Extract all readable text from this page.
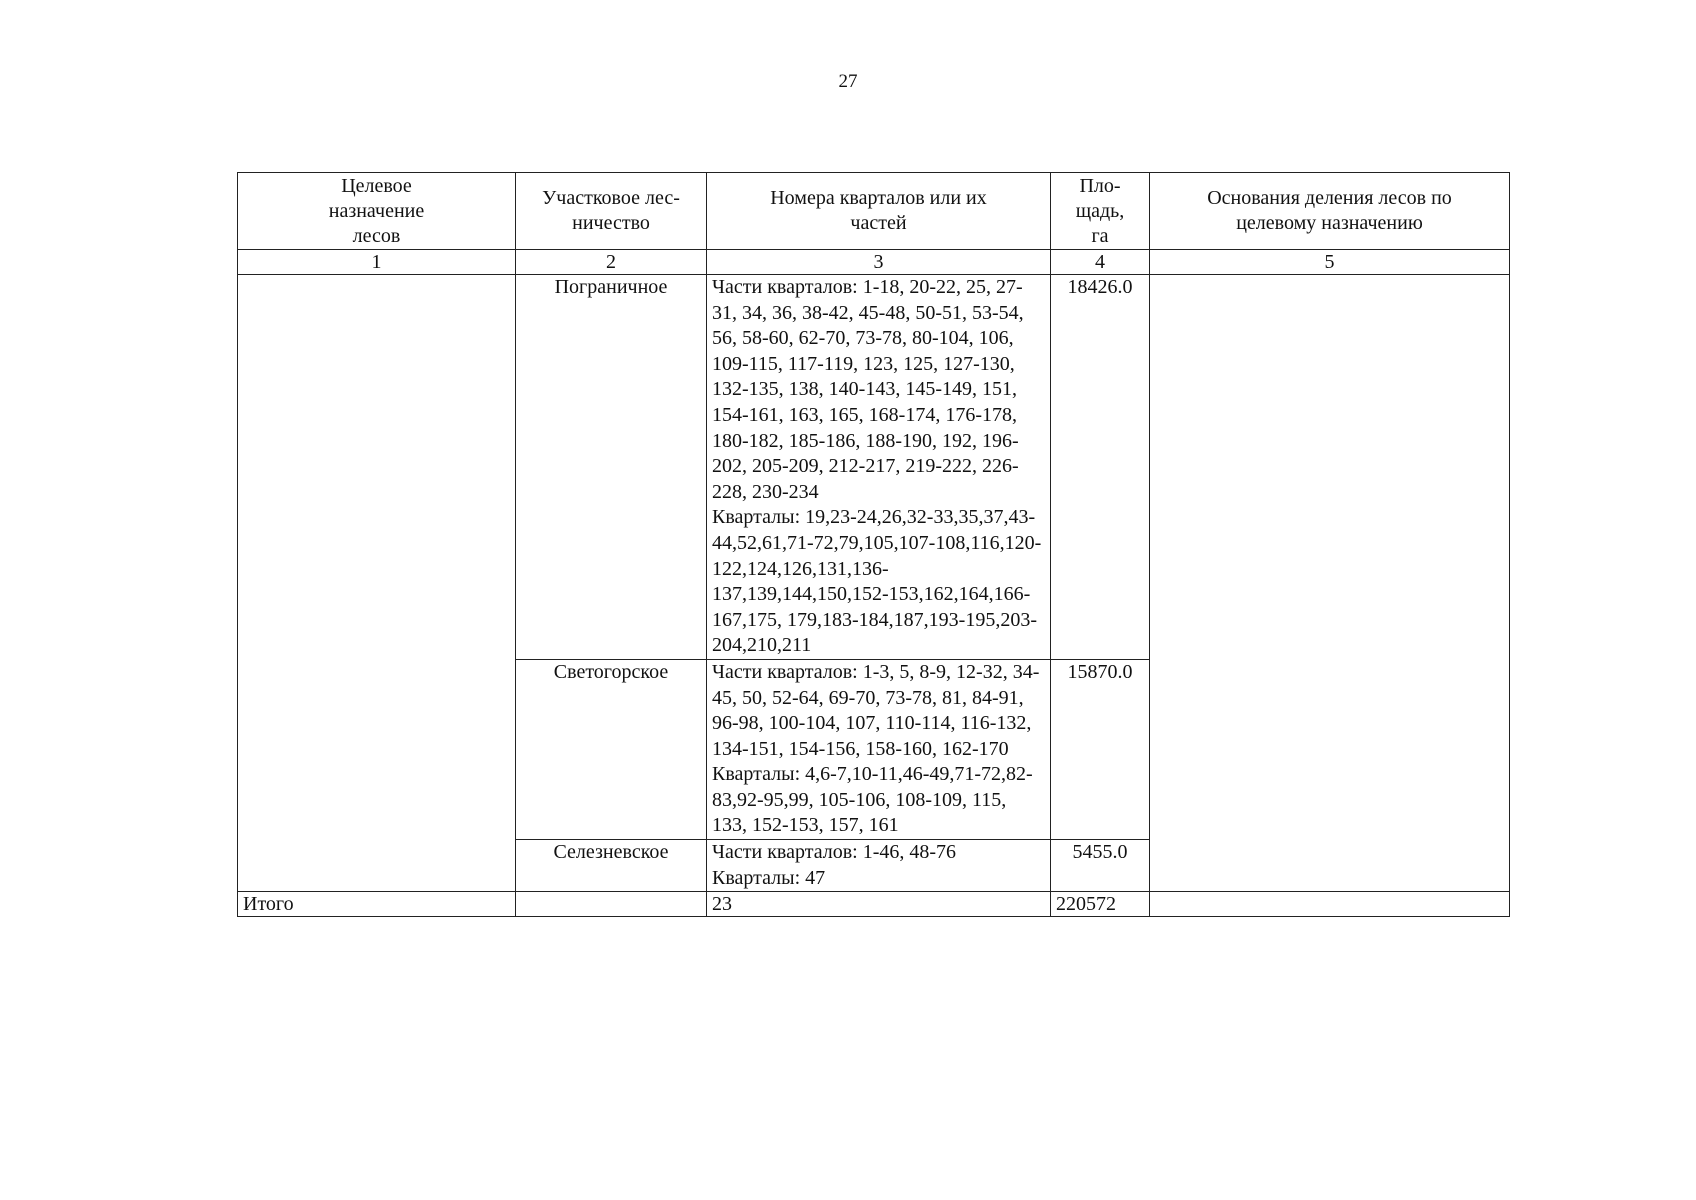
27
Целевое назначение лесов	Участковое лес-ничество	Номера кварталов или их частей	Пло-щадь, га	Основания деления лесов по целевому назначению
1	2	3	4	5
	Пограничное	Части кварталов: 1-18, 20-22, 25, 27-31, 34, 36, 38-42, 45-48, 50-51, 53-54, 56, 58-60, 62-70, 73-78, 80-104, 106, 109-115, 117-119, 123, 125, 127-130, 132-135, 138, 140-143, 145-149, 151, 154-161, 163, 165, 168-174, 176-178, 180-182, 185-186, 188-190, 192, 196-202, 205-209, 212-217, 219-222, 226-228, 230-234
Кварталы: 19,23-24,26,32-33,35,37,43-44,52,61,71-72,79,105,107-108,116,120-122,124,126,131,136-137,139,144,150,152-153,162,164,166-167,175, 179,183-184,187,193-195,203-204,210,211	18426.0	
	Светогорское	Части кварталов: 1-3, 5, 8-9, 12-32, 34-45, 50, 52-64, 69-70, 73-78, 81, 84-91, 96-98, 100-104, 107, 110-114, 116-132, 134-151, 154-156, 158-160, 162-170
Кварталы: 4,6-7,10-11,46-49,71-72,82-83,92-95,99, 105-106, 108-109, 115, 133, 152-153, 157, 161	15870.0	
	Селезневское	Части кварталов: 1-46, 48-76
Кварталы: 47	5455.0	
Итого		23	220572	
